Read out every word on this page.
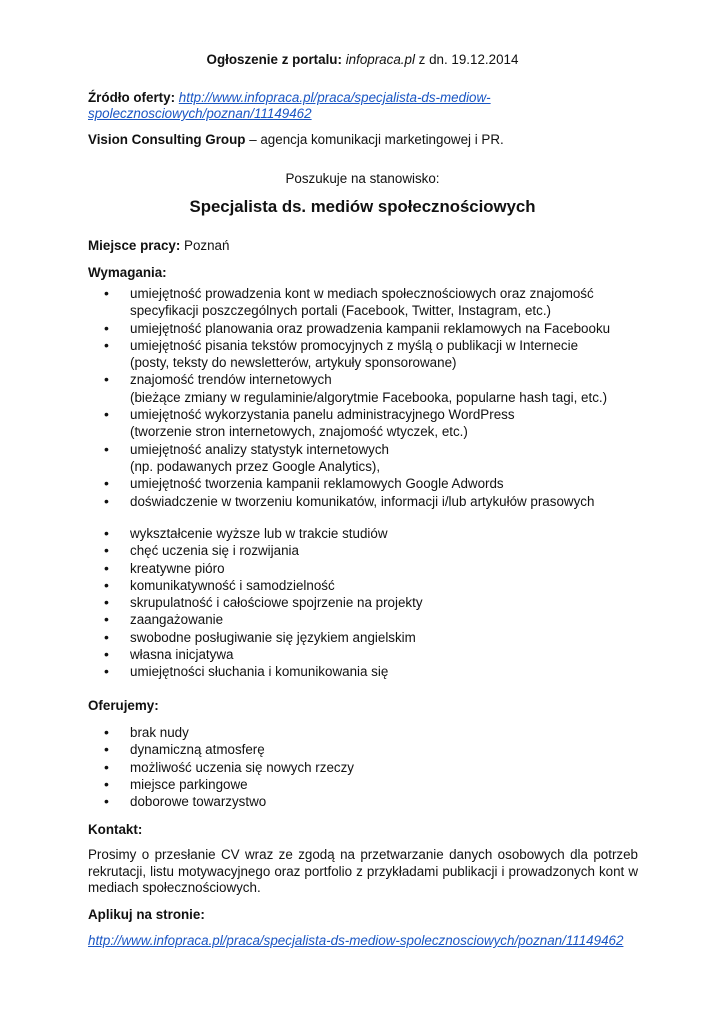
Ogłoszenie z portalu: infopraca.pl z dn. 19.12.2014
Źródło oferty: http://www.infopraca.pl/praca/specjalista-ds-mediow-
spolecznosciowych/poznan/11149462
Vision Consulting Group – agencja komunikacji marketingowej i PR.
Poszukuje na stanowisko:
Specjalista ds. mediów społecznościowych
Miejsce pracy: Poznań
Wymagania:
• umiejętność prowadzenia kont w mediach społecznościowych oraz znajomość
specyfikacji poszczególnych portali (Facebook, Twitter, Instagram, etc.)
• umiejętność planowania oraz prowadzenia kampanii reklamowych na Facebooku
• umiejętność pisania tekstów promocyjnych z myślą o publikacji w Internecie
(posty, teksty do newsletterów, artykuły sponsorowane)
• znajomość trendów internetowych
(bieżące zmiany w regulaminie/algorytmie Facebooka, popularne hash tagi, etc.)
• umiejętność wykorzystania panelu administracyjnego WordPress
(tworzenie stron internetowych, znajomość wtyczek, etc.)
• umiejętność analizy statystyk internetowych
(np. podawanych przez Google Analytics),
• umiejętność tworzenia kampanii reklamowych Google Adwords
• doświadczenie w tworzeniu komunikatów, informacji i/lub artykułów prasowych
• wykształcenie wyższe lub w trakcie studiów
• chęć uczenia się i rozwijania
• kreatywne pióro
• komunikatywność i samodzielność
• skrupulatność i całościowe spojrzenie na projekty
• zaangażowanie
• swobodne posługiwanie się językiem angielskim
• własna inicjatywa
• umiejętności słuchania i komunikowania się
Oferujemy:
• brak nudy
• dynamiczną atmosferę
• możliwość uczenia się nowych rzeczy
• miejsce parkingowe
• doborowe towarzystwo
Kontakt:
Prosimy o przesłanie CV wraz ze zgodą na przetwarzanie danych osobowych dla potrzeb rekrutacji, listu motywacyjnego oraz portfolio z przykładami publikacji i prowadzonych kont w mediach społecznościowych.
Aplikuj na stronie:
http://www.infopraca.pl/praca/specjalista-ds-mediow-spolecznosciowych/poznan/11149462
